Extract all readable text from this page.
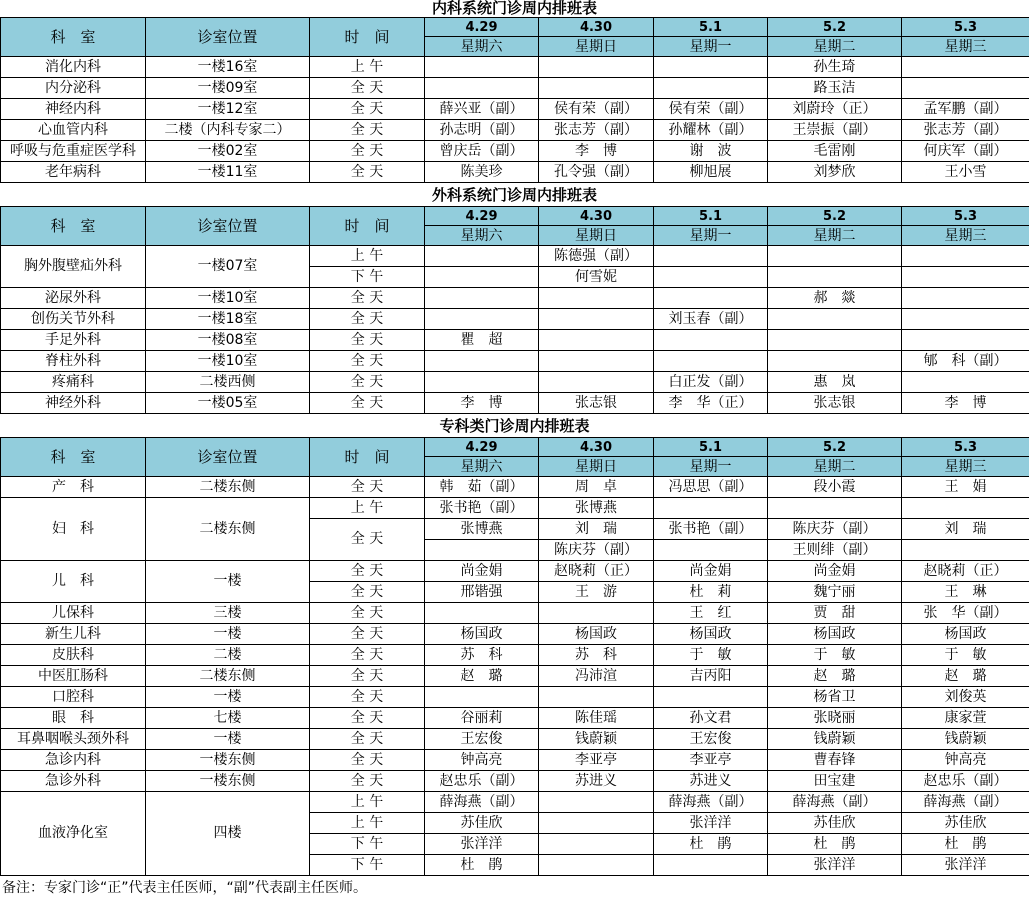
内科系统门诊周内排班表
科　室	诊室位置	时　间	4.29	4.30	5.1	5.2	5.3
			星期六	星期日	星期一	星期二	星期三
消化内科	一楼16室	上 午				孙生琦	
内分泌科	一楼09室	全 天				路玉洁	
神经内科	一楼12室	全 天	薛兴亚（副）	侯有荣（副）	侯有荣（副）	刘蔚玲（正）	孟军鹏（副）
心血管内科	二楼（内科专家二）	全 天	孙志明（副）	张志芳（副）	孙耀林（副）	王崇振（副）	张志芳（副）
呼吸与危重症医学科	一楼02室	全 天	曾庆岳（副）	李　博	谢　波	毛雷刚	何庆军（副）
老年病科	一楼11室	全 天	陈美珍	孔令强（副）	柳旭展	刘梦欣	王小雪
外科系统门诊周内排班表
科　室	诊室位置	时　间	4.29	4.30	5.1	5.2	5.3
			星期六	星期日	星期一	星期二	星期三
胸外腹壁疝外科	一楼07室	上 午		陈德强（副）			
		下 午		何雪妮			
泌尿外科	一楼10室	全 天				郝　燚	
创伤关节外科	一楼18室	全 天			刘玉春（副）		
手足外科	一楼08室	全 天	瞿　超				
脊柱外科	一楼10室	全 天					郇　科（副）
疼痛科	二楼西侧	全 天			白正发（副）	惠　岚	
神经外科	一楼05室	全 天	李　博	张志银	李　华（正）	张志银	李　博
专科类门诊周内排班表
科　室	诊室位置	时　间	4.29	4.30	5.1	5.2	5.3
			星期六	星期日	星期一	星期二	星期三
产　科	二楼东侧	全 天	韩　茹（副）	周　卓	冯思思（副）	段小霞	王　娟
妇　科	二楼东侧	上 午	张书艳（副）	张博燕			
		全 天	张博燕	刘　瑞	张书艳（副）	陈庆芬（副）	刘　瑞
				陈庆芬（副）		王则绯（副）	
儿　科	一楼	全 天	尚金娟	赵晓莉（正）	尚金娟	尚金娟	赵晓莉（正）
		全 天	邢锴强	王　游	杜　莉	魏宁丽	王　琳
儿保科	三楼	全 天			王　红	贾　甜	张　华（副）
新生儿科	一楼	全 天	杨国政	杨国政	杨国政	杨国政	杨国政
皮肤科	二楼	全 天	苏　科	苏　科	于　敏	于　敏	于　敏
中医肛肠科	二楼东侧	全 天	赵　璐	冯沛渲	吉丙阳	赵　璐	赵　璐
口腔科	一楼	全 天				杨省卫	刘俊英
眼　科	七楼	全 天	谷丽莉	陈佳瑶	孙文君	张晓丽	康家萱
耳鼻咽喉头颈外科	一楼	全 天	王宏俊	钱蔚颖	王宏俊	钱蔚颖	钱蔚颖
急诊内科	一楼东侧	全 天	钟高亮	李亚亭	李亚亭	曹春锋	钟高亮
急诊外科	一楼东侧	全 天	赵忠乐（副）	苏进义	苏进义	田宝建	赵忠乐（副）
血液净化室	四楼	上 午	薛海燕（副）		薛海燕（副）	薛海燕（副）	薛海燕（副）
		上 午	苏佳欣		张洋洋	苏佳欣	苏佳欣
		下 午	张洋洋		杜　鹃	杜　鹃	杜　鹃
		下 午	杜　鹃			张洋洋	张洋洋
备注：专家门诊“正”代表主任医师，“副”代表副主任医师。
